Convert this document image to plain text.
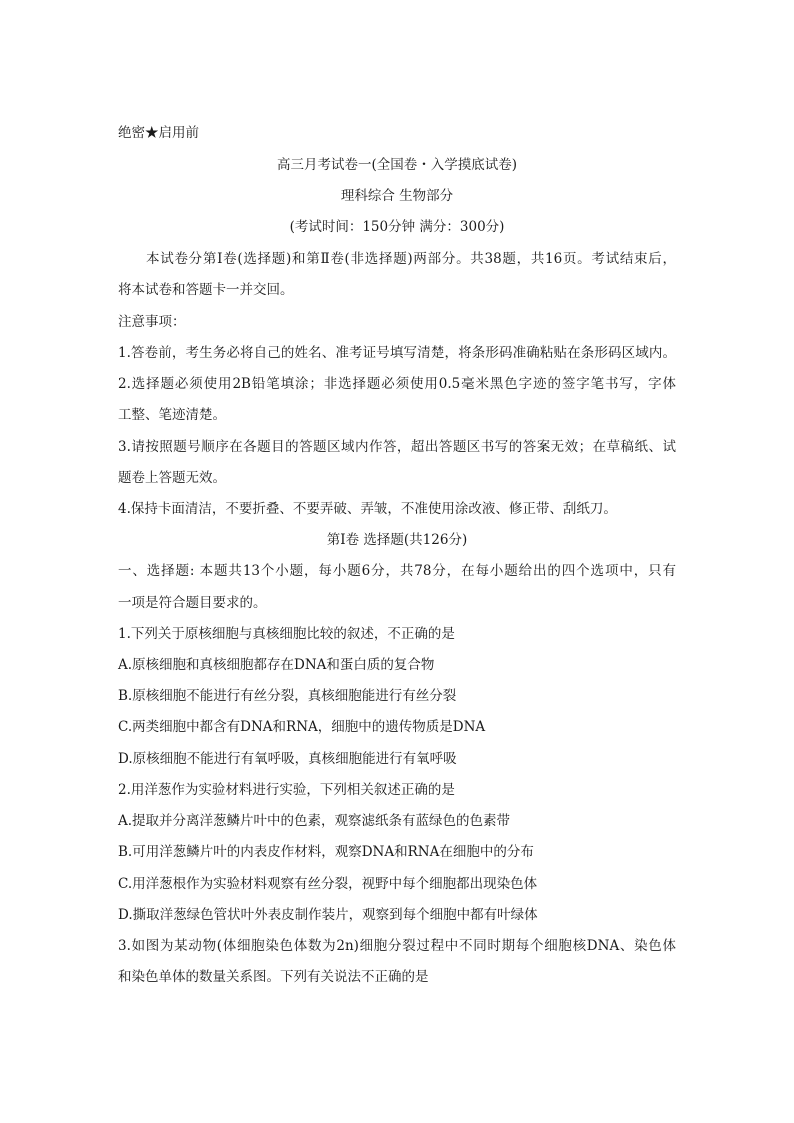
绝密★启用前
高三月考试卷一(全国卷・入学摸底试卷)
理科综合 生物部分
(考试时间：150分钟 满分：300分)
本试卷分第Ⅰ卷(选择题)和第Ⅱ卷(非选择题)两部分。共38题，共16页。考试结束后，
将本试卷和答题卡一并交回。
注意事项：
1.答卷前，考生务必将自己的姓名、准考证号填写清楚，将条形码准确粘贴在条形码区域内。
2.选择题必须使用2B铅笔填涂；非选择题必须使用0.5毫米黑色字迹的签字笔书写，字体
工整、笔迹清楚。
3.请按照题号顺序在各题目的答题区域内作答，超出答题区书写的答案无效；在草稿纸、试
题卷上答题无效。
4.保持卡面清洁，不要折叠、不要弄破、弄皱，不准使用涂改液、修正带、刮纸刀。
第Ⅰ卷 选择题(共126分)
一、选择题: 本题共13个小题，每小题6分，共78分，在每小题给出的四个选项中，只有
一项是符合题目要求的。
1.下列关于原核细胞与真核细胞比较的叙述，不正确的是
A.原核细胞和真核细胞都存在DNA和蛋白质的复合物
B.原核细胞不能进行有丝分裂，真核细胞能进行有丝分裂
C.两类细胞中都含有DNA和RNA，细胞中的遗传物质是DNA
D.原核细胞不能进行有氧呼吸，真核细胞能进行有氧呼吸
2.用洋葱作为实验材料进行实验，下列相关叙述正确的是
A.提取并分离洋葱鳞片叶中的色素，观察滤纸条有蓝绿色的色素带
B.可用洋葱鳞片叶的内表皮作材料，观察DNA和RNA在细胞中的分布
C.用洋葱根作为实验材料观察有丝分裂，视野中每个细胞都出现染色体
D.撕取洋葱绿色管状叶外表皮制作装片，观察到每个细胞中都有叶绿体
3.如图为某动物(体细胞染色体数为2n)细胞分裂过程中不同时期每个细胞核DNA、染色体
和染色单体的数量关系图。下列有关说法不正确的是
